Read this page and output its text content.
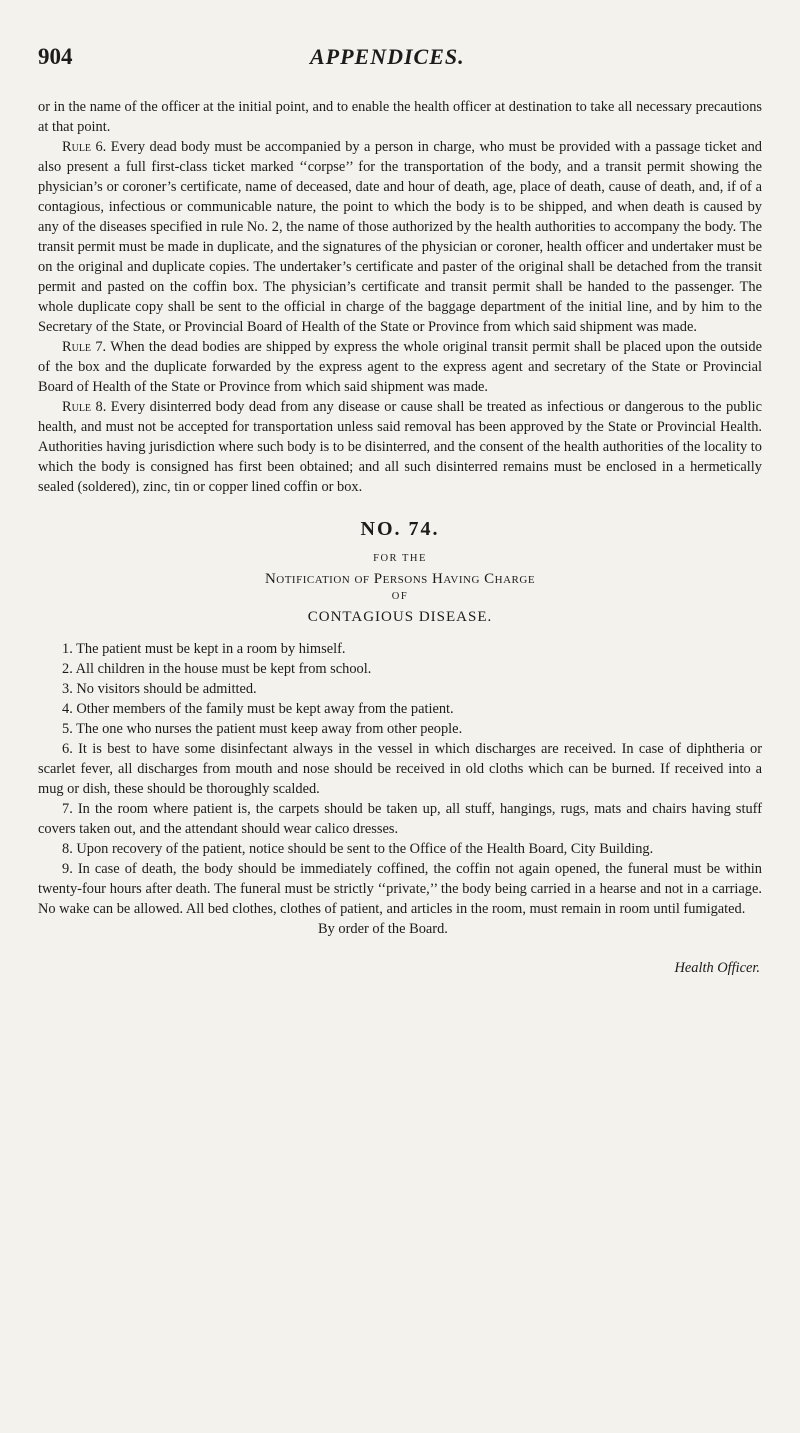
904	APPENDICES.

or in the name of the officer at the initial point, and to enable the health officer at destination to take all necessary precautions at that point.

Rule 6. Every dead body must be accompanied by a person in charge, who must be provided with a passage ticket and also present a full first-class ticket marked ‘‘corpse’’ for the transportation of the body, and a transit permit showing the physician’s or coroner’s certificate, name of deceased, date and hour of death, age, place of death, cause of death, and, if of a contagious, infectious or communicable nature, the point to which the body is to be shipped, and when death is caused by any of the diseases specified in rule No. 2, the name of those authorized by the health authorities to accompany the body. The transit permit must be made in duplicate, and the signatures of the physician or coroner, health officer and undertaker must be on the original and duplicate copies. The undertaker’s certificate and paster of the original shall be detached from the transit permit and pasted on the coffin box. The physician’s certificate and transit permit shall be handed to the passenger. The whole duplicate copy shall be sent to the official in charge of the baggage department of the initial line, and by him to the Secretary of the State, or Provincial Board of Health of the State or Province from which said shipment was made.

Rule 7. When the dead bodies are shipped by express the whole original transit permit shall be placed upon the outside of the box and the duplicate forwarded by the express agent to the express agent and secretary of the State or Provincial Board of Health of the State or Province from which said shipment was made.

Rule 8. Every disinterred body dead from any disease or cause shall be treated as infectious or dangerous to the public health, and must not be accepted for transportation unless said removal has been approved by the State or Provincial Health. Authorities having jurisdiction where such body is to be disinterred, and the consent of the health authorities of the locality to which the body is consigned has first been obtained; and all such disinterred remains must be enclosed in a hermetically sealed (soldered), zinc, tin or copper lined coffin or box.

NO. 74.
FOR THE
Notification of Persons Having Charge
OF
CONTAGIOUS DISEASE.

1. The patient must be kept in a room by himself.

2. All children in the house must be kept from school.

3. No visitors should be admitted.

4. Other members of the family must be kept away from the patient.

5. The one who nurses the patient must keep away from other people.

6. It is best to have some disinfectant always in the vessel in which discharges are received. In case of diphtheria or scarlet fever, all discharges from mouth and nose should be received in old cloths which can be burned. If received into a mug or dish, these should be thoroughly scalded.

7. In the room where patient is, the carpets should be taken up, all stuff, hangings, rugs, mats and chairs having stuff covers taken out, and the attendant should wear calico dresses.

8. Upon recovery of the patient, notice should be sent to the Office of the Health Board, City Building.

9. In case of death, the body should be immediately coffined, the coffin not again opened, the funeral must be within twenty-four hours after death. The funeral must be strictly ‘‘private,’’ the body being carried in a hearse and not in a carriage. No wake can be allowed. All bed clothes, clothes of patient, and articles in the room, must remain in room until fumigated.

By order of the Board.

Health Officer.
